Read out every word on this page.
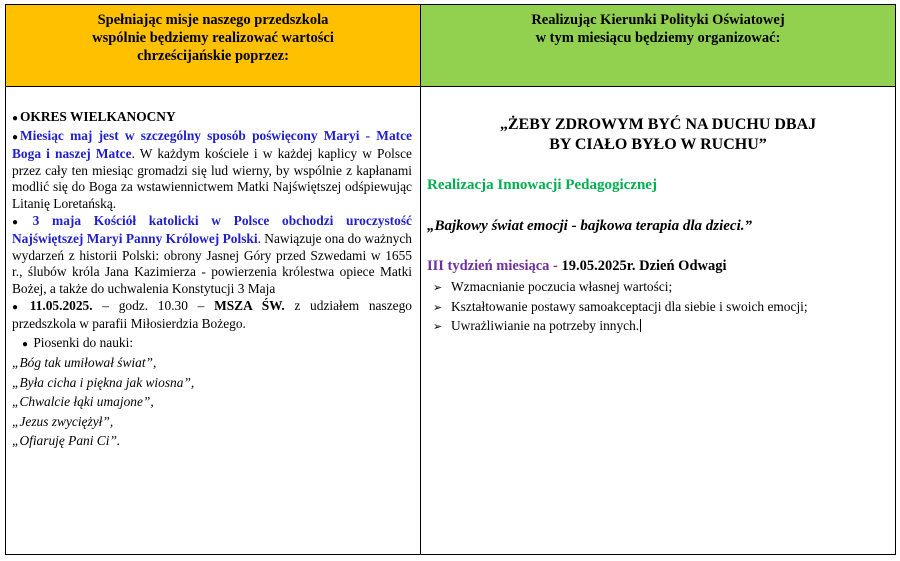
Spełniając misje naszego przedszkola
wspólnie będziemy realizować wartości
chrześcijańskie poprzez:

● OKRES WIELKANOCNY

● Miesiąc maj jest w szczególny sposób poświęcony Maryi - Matce Boga i naszej Matce. W każdym kościele i w każdej kaplicy w Polsce przez cały ten miesiąc gromadzi się lud wierny, by wspólnie z kapłanami modlić się do Boga za wstawiennictwem Matki Najświętszej odśpiewując Litanię Loretańską.

● 3 maja Kościół katolicki w Polsce obchodzi uroczystość Najświętszej Maryi Panny Królowej Polski. Nawiązuje ona do ważnych wydarzeń z historii Polski: obrony Jasnej Góry przed Szwedami w 1655 r., ślubów króla Jana Kazimierza - powierzenia królestwa opiece Matki Bożej, a także do uchwalenia Konstytucji 3 Maja

● 11.05.2025. – godz. 10.30 – MSZA ŚW. z udziałem naszego przedszkola w parafii Miłosierdzia Bożego.

● Piosenki do nauki:

„Bóg tak umiłował świat”,

„Była cicha i piękna jak wiosna”,

„Chwalcie łąki umajone”,

„Jezus zwyciężył”,

„Ofiaruję Pani Ci”.

Realizując Kierunki Polityki Oświatowej
w tym miesiącu będziemy organizować:
„ŻEBY ZDROWYM BYĆ NA DUCHU DBAJ
BY CIAŁO BYŁO W RUCHU”
Realizacja Innowacji Pedagogicznej
„Bajkowy świat emocji - bajkowa terapia dla dzieci.”
III tydzień miesiąca - 19.05.2025r. Dzień Odwagi
➢ Wzmacnianie poczucia własnej wartości;
➢ Kształtowanie postawy samoakceptacji dla siebie i swoich emocji;
➢ Uwrażliwianie na potrzeby innych.
